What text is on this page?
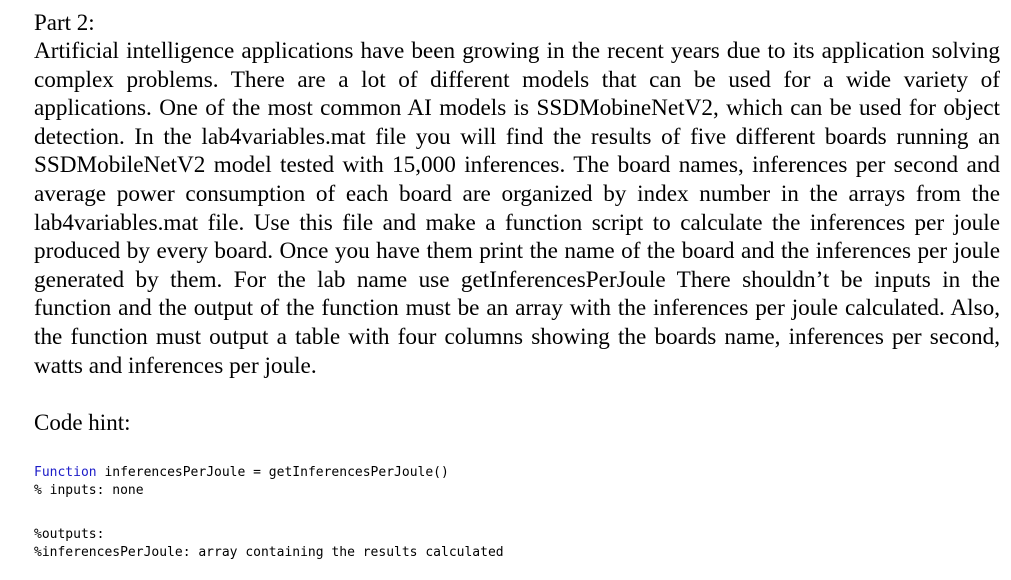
Part 2:

Artificial intelligence applications have been growing in the recent years due to its application solving complex problems. There are a lot of different models that can be used for a wide variety of applications. One of the most common AI models is SSDMobineNetV2, which can be used for object detection. In the lab4variables.mat file you will find the results of five different boards running an SSDMobileNetV2 model tested with 15,000 inferences. The board names, inferences per second and average power consumption of each board are organized by index number in the arrays from the lab4variables.mat file. Use this file and make a function script to calculate the inferences per joule produced by every board. Once you have them print the name of the board and the inferences per joule generated by them. For the lab name use getInferencesPerJoule There shouldn’t be inputs in the function and the output of the function must be an array with the inferences per joule calculated. Also, the function must output a table with four columns showing the boards name, inferences per second, watts and inferences per joule.

Code hint:

Function inferencesPerJoule = getInferencesPerJoule()
% inputs: none
%outputs:
%inferencesPerJoule: array containing the results calculated
